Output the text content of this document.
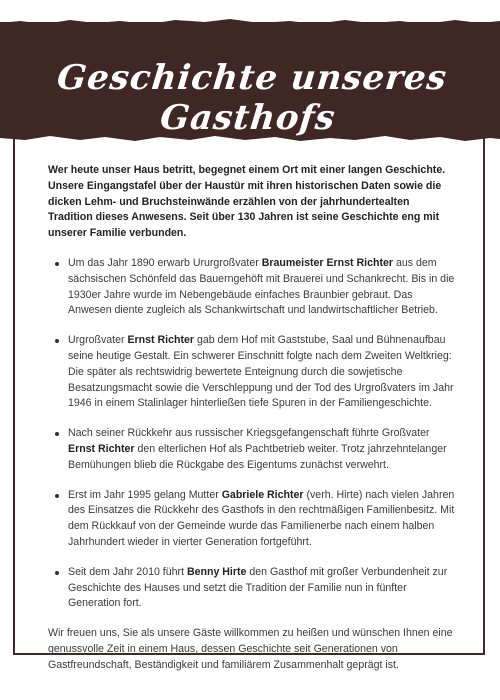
Geschichte unseres Gasthofs

Wer heute unser Haus betritt, begegnet einem Ort mit einer langen Geschichte. Unsere Eingangstafel über der Haustür mit ihren historischen Daten sowie die dicken Lehm- und Bruchsteinwände erzählen von der jahrhundertealten Tradition dieses Anwesens. Seit über 130 Jahren ist seine Geschichte eng mit unserer Familie verbunden.

Um das Jahr 1890 erwarb Ururgroßvater Braumeister Ernst Richter aus dem sächsischen Schönfeld das Bauerngehöft mit Brauerei und Schankrecht. Bis in die 1930er Jahre wurde im Nebengebäude einfaches Braunbier gebraut. Das Anwesen diente zugleich als Schankwirtschaft und landwirtschaftlicher Betrieb.
Urgroßvater Ernst Richter gab dem Hof mit Gaststube, Saal und Bühnenaufbau seine heutige Gestalt. Ein schwerer Einschnitt folgte nach dem Zweiten Weltkrieg: Die später als rechtswidrig bewertete Enteignung durch die sowjetische Besatzungsmacht sowie die Verschleppung und der Tod des Urgroßvaters im Jahr 1946 in einem Stalinlager hinterließen tiefe Spuren in der Familiengeschichte.
Nach seiner Rückkehr aus russischer Kriegsgefangenschaft führte Großvater Ernst Richter den elterlichen Hof als Pachtbetrieb weiter. Trotz jahrzehntelanger Bemühungen blieb die Rückgabe des Eigentums zunächst verwehrt.
Erst im Jahr 1995 gelang Mutter Gabriele Richter (verh. Hirte) nach vielen Jahren des Einsatzes die Rückkehr des Gasthofs in den rechtmäßigen Familienbesitz. Mit dem Rückkauf von der Gemeinde wurde das Familienerbe nach einem halben Jahrhundert wieder in vierter Generation fortgeführt.
Seit dem Jahr 2010 führt Benny Hirte den Gasthof mit großer Verbundenheit zur Geschichte des Hauses und setzt die Tradition der Familie nun in fünfter Generation fort.

Wir freuen uns, Sie als unsere Gäste willkommen zu heißen und wünschen Ihnen eine genussvolle Zeit in einem Haus, dessen Geschichte seit Generationen von Gastfreundschaft, Beständigkeit und familiärem Zusammenhalt geprägt ist.
